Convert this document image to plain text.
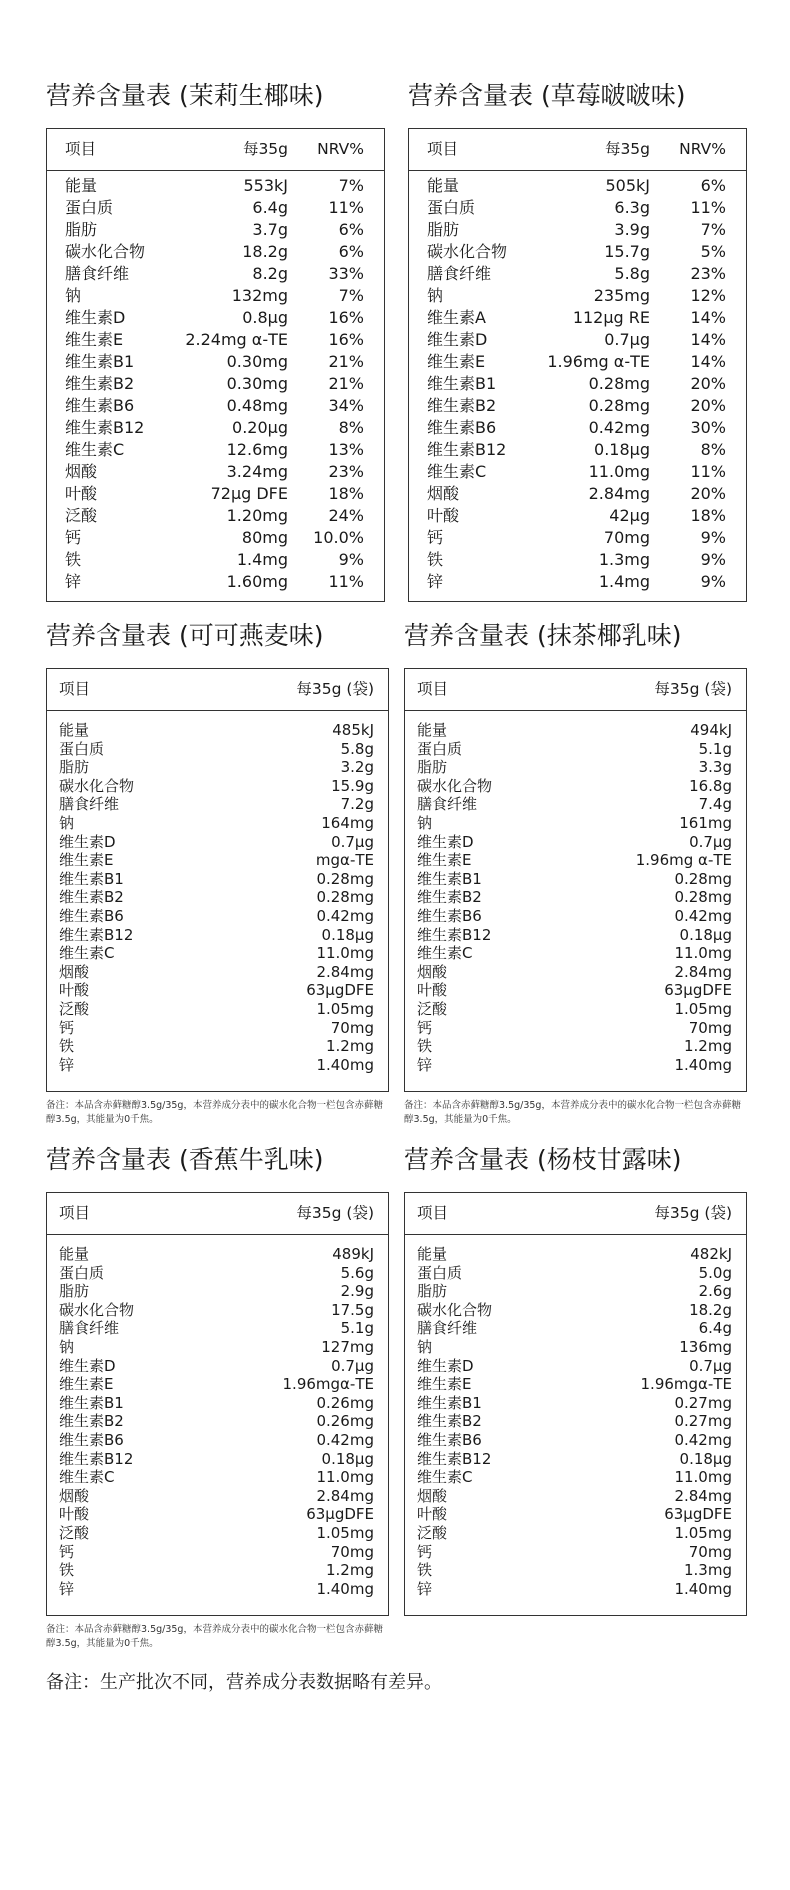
营养含量表 (茉莉生椰味)
项目	每35g NRV%
能量	553kJ	7%
蛋白质	6.4g	11%
脂肪	3.7g	6%
碳水化合物	18.2g	6%
膳食纤维	8.2g	33%
钠	132mg	7%
维生素D	0.8μg	16%
维生素E	2.24mg α-TE	16%
维生素B1	0.30mg	21%
维生素B2	0.30mg	21%
维生素B6	0.48mg	34%
维生素B12	0.20μg	8%
维生素C	12.6mg	13%
烟酸	3.24mg	23%
叶酸	72μg DFE	18%
泛酸	1.20mg	24%
钙	80mg 10.0%
铁	1.4mg	9%
锌	1.60mg	11%
营养含量表 (草莓啵啵味)
项目	每35g NRV%
能量	505kJ	6%
蛋白质	6.3g	11%
脂肪	3.9g	7%
碳水化合物	15.7g	5%
膳食纤维	5.8g	23%
钠	235mg	12%
维生素A	112μg RE	14%
维生素D	0.7μg	14%
维生素E	1.96mg α-TE	14%
维生素B1	0.28mg	20%
维生素B2	0.28mg	20%
维生素B6	0.42mg	30%
维生素B12	0.18μg	8%
维生素C	11.0mg	11%
烟酸	2.84mg	20%
叶酸	42μg	18%
钙	70mg	9%
铁	1.3mg	9%
锌	1.4mg	9%
营养含量表 (可可燕麦味)
项目	每35g (袋)
能量	485kJ
蛋白质	5.8g
脂肪	3.2g
碳水化合物	15.9g
膳食纤维	7.2g
钠	164mg
维生素D	0.7μg
维生素E	mgα-TE
维生素B1	0.28mg
维生素B2	0.28mg
维生素B6	0.42mg
维生素B12	0.18μg
维生素C	11.0mg
烟酸	2.84mg
叶酸	63μgDFE
泛酸	1.05mg
钙	70mg
铁	1.2mg
锌	1.40mg

备注：本品含赤藓糖醇3.5g/35g，本营养成分表中的碳水化合物一栏包含赤藓糖醇3.5g，其能量为0千焦。

营养含量表 (抹茶椰乳味)
项目	每35g (袋)
能量	494kJ
蛋白质	5.1g
脂肪	3.3g
碳水化合物	16.8g
膳食纤维	7.4g
钠	161mg
维生素D	0.7μg
维生素E	1.96mg α-TE
维生素B1	0.28mg
维生素B2	0.28mg
维生素B6	0.42mg
维生素B12	0.18μg
维生素C	11.0mg
烟酸	2.84mg
叶酸	63μgDFE
泛酸	1.05mg
钙	70mg
铁	1.2mg
锌	1.40mg

备注：本品含赤藓糖醇3.5g/35g，本营养成分表中的碳水化合物一栏包含赤藓糖醇3.5g，其能量为0千焦。

营养含量表 (香蕉牛乳味)
项目	每35g (袋)
能量	489kJ
蛋白质	5.6g
脂肪	2.9g
碳水化合物	17.5g
膳食纤维	5.1g
钠	127mg
维生素D	0.7μg
维生素E	1.96mgα-TE
维生素B1	0.26mg
维生素B2	0.26mg
维生素B6	0.42mg
维生素B12	0.18μg
维生素C	11.0mg
烟酸	2.84mg
叶酸	63μgDFE
泛酸	1.05mg
钙	70mg
铁	1.2mg
锌	1.40mg

备注：本品含赤藓糖醇3.5g/35g，本营养成分表中的碳水化合物一栏包含赤藓糖醇3.5g，其能量为0千焦。

营养含量表 (杨枝甘露味)
项目	每35g (袋)
能量	482kJ
蛋白质	5.0g
脂肪	2.6g
碳水化合物	18.2g
膳食纤维	6.4g
钠	136mg
维生素D	0.7μg
维生素E	1.96mgα-TE
维生素B1	0.27mg
维生素B2	0.27mg
维生素B6	0.42mg
维生素B12	0.18μg
维生素C	11.0mg
烟酸	2.84mg
叶酸	63μgDFE
泛酸	1.05mg
钙	70mg
铁	1.3mg
锌	1.40mg

备注：生产批次不同，营养成分表数据略有差异。
